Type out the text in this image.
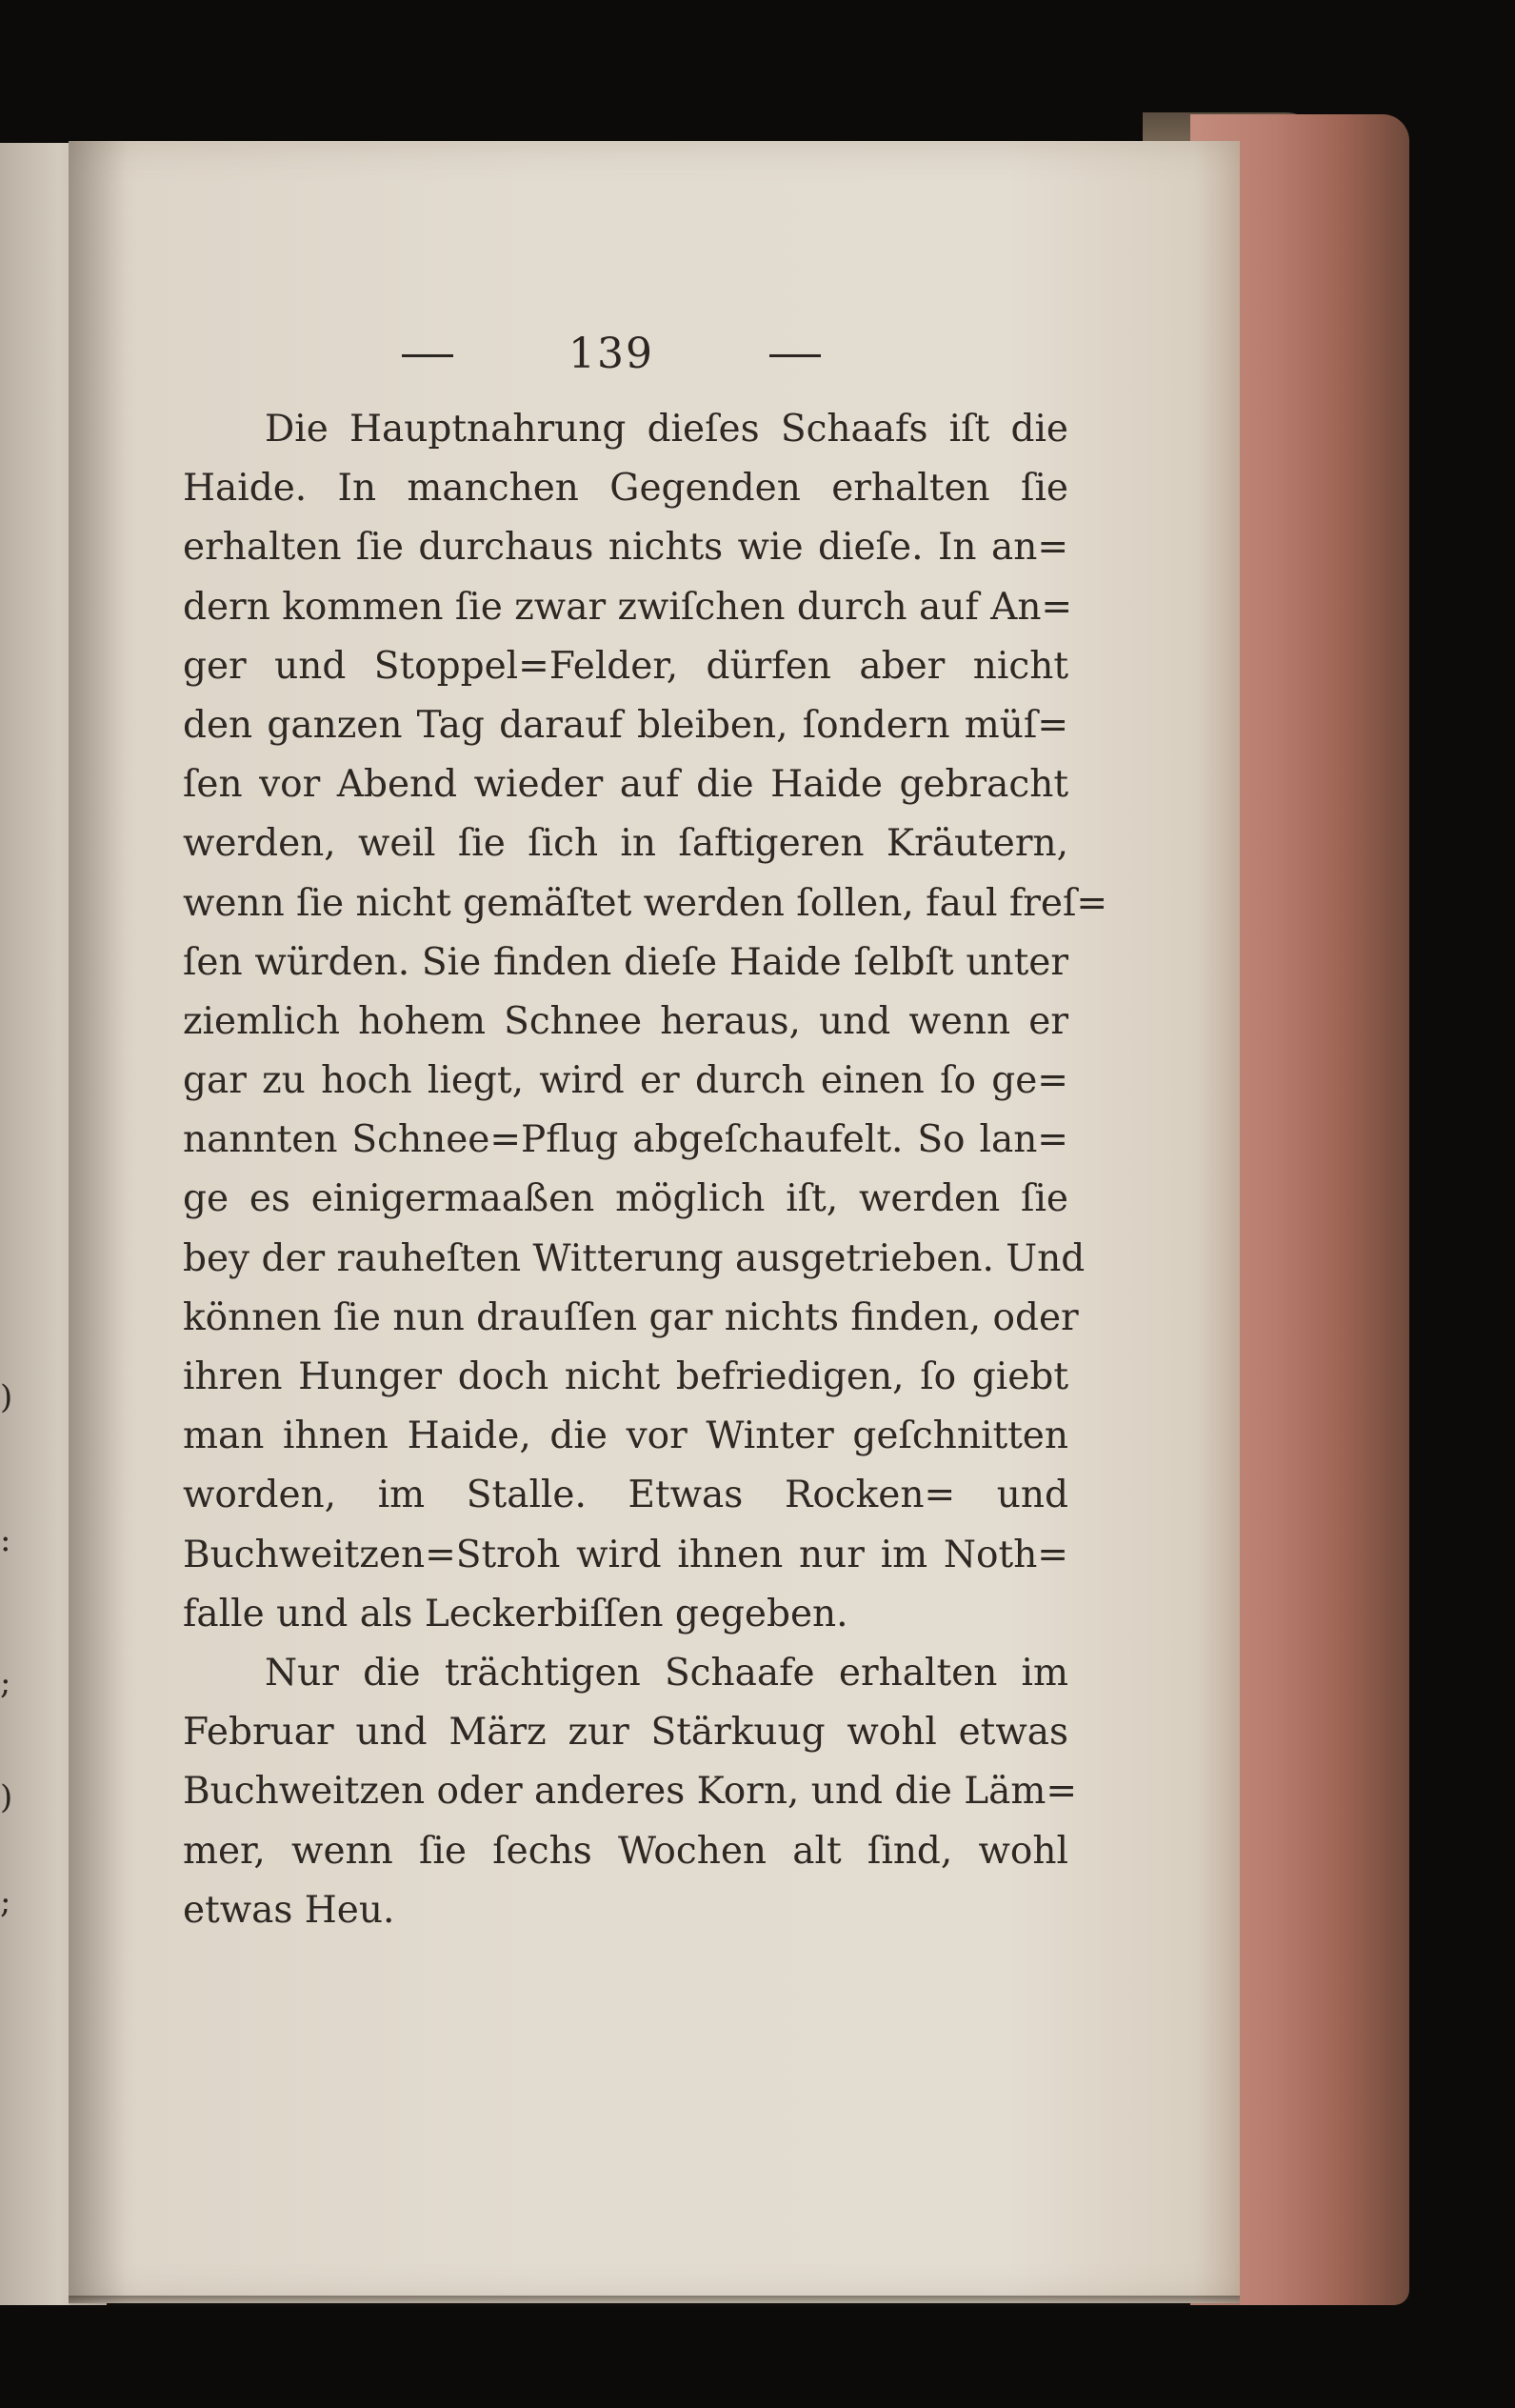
)
:
;
)
;
139
Die Hauptnahrung dieſes Schaafs iſt die
Haide. In manchen Gegenden erhalten ſie
erhalten ſie durchaus nichts wie dieſe. In an=
dern kommen ſie zwar zwiſchen durch auf An=
ger und Stoppel=Felder, dürfen aber nicht
den ganzen Tag darauf bleiben, ſondern müſ=
ſen vor Abend wieder auf die Haide gebracht
werden, weil ſie ſich in ſaftigeren Kräutern,
wenn ſie nicht gemäſtet werden ſollen, faul freſ=
ſen würden. Sie finden dieſe Haide ſelbſt unter
ziemlich hohem Schnee heraus, und wenn er
gar zu hoch liegt, wird er durch einen ſo ge=
nannten Schnee=Pflug abgeſchaufelt. So lan=
ge es einigermaaßen möglich iſt, werden ſie
bey der rauheſten Witterung ausgetrieben. Und
können ſie nun drauſſen gar nichts finden, oder
ihren Hunger doch nicht befriedigen, ſo giebt
man ihnen Haide, die vor Winter geſchnitten
worden, im Stalle. Etwas Rocken= und
Buchweitzen=Stroh wird ihnen nur im Noth=
falle und als Leckerbiſſen gegeben.
Nur die trächtigen Schaafe erhalten im
Februar und März zur Stärkuug wohl etwas
Buchweitzen oder anderes Korn, und die Läm=
mer, wenn ſie ſechs Wochen alt ſind, wohl
etwas Heu.
